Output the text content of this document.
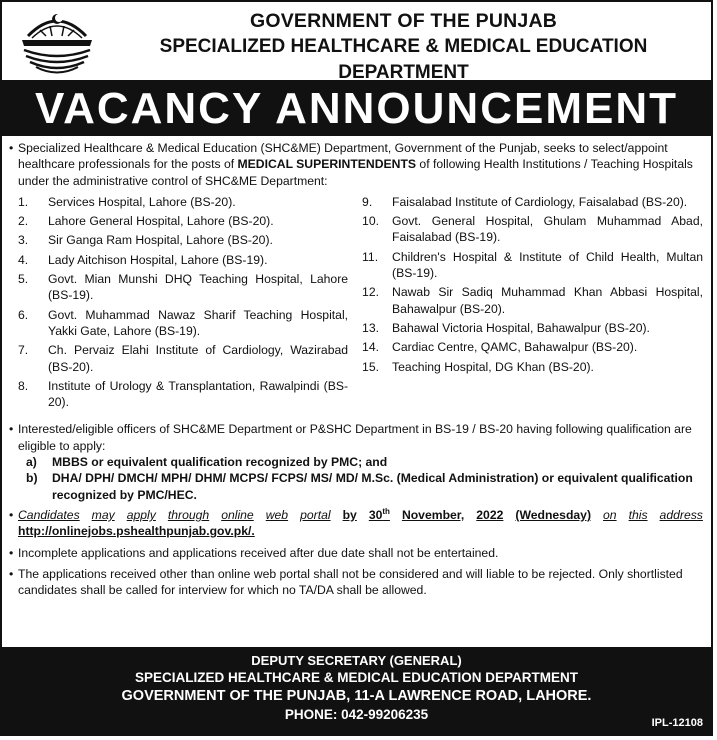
GOVERNMENT OF THE PUNJAB
SPECIALIZED HEALTHCARE & MEDICAL EDUCATION DEPARTMENT
VACANCY ANNOUNCEMENT

• Specialized Healthcare & Medical Education (SHC&ME) Department, Government of the Punjab, seeks to select/appoint healthcare professionals for the posts of MEDICAL SUPERINTENDENTS of following Health Institutions / Teaching Hospitals under the administrative control of SHC&ME Department:

1.	Services Hospital, Lahore (BS-20).
2.	Lahore General Hospital, Lahore (BS-20).
3.	Sir Ganga Ram Hospital, Lahore (BS-20).
4.	Lady Aitchison Hospital, Lahore (BS-19).
5.	Govt. Mian Munshi DHQ Teaching Hospital, Lahore (BS-19).
6.	Govt. Muhammad Nawaz Sharif Teaching Hospital, Yakki Gate, Lahore (BS-19).
7.	Ch. Pervaiz Elahi Institute of Cardiology, Wazirabad (BS-20).
8.	Institute of Urology & Transplantation, Rawalpindi (BS-20).
9.	Faisalabad Institute of Cardiology, Faisalabad (BS-20).
10.	Govt. General Hospital, Ghulam Muhammad Abad, Faisalabad (BS-19).
11.	Children's Hospital & Institute of Child Health, Multan (BS-19).
12.	Nawab Sir Sadiq Muhammad Khan Abbasi Hospital, Bahawalpur (BS-20).
13.	Bahawal Victoria Hospital, Bahawalpur (BS-20).
14.	Cardiac Centre, QAMC, Bahawalpur (BS-20).
15.	Teaching Hospital, DG Khan (BS-20).

• Interested/eligible officers of SHC&ME Department or P&SHC Department in BS-19 / BS-20 having following qualification are eligible to apply:

a)	MBBS or equivalent qualification recognized by PMC; and
b)	DHA/ DPH/ DMCH/ MPH/ DHM/ MCPS/ FCPS/ MS/ MD/ M.Sc. (Medical Administration) or equivalent qualification recognized by PMC/HEC.
• Candidates may apply through online web portal by 30th November, 2022 (Wednesday) on this address
http://onlinejobs.pshealthpunjab.gov.pk/.

• Incomplete applications and applications received after due date shall not be entertained.

• The applications received other than online web portal shall not be considered and will liable to be rejected. Only shortlisted candidates shall be called for interview for which no TA/DA shall be allowed.

DEPUTY SECRETARY (GENERAL)
SPECIALIZED HEALTHCARE & MEDICAL EDUCATION DEPARTMENT
GOVERNMENT OF THE PUNJAB, 11-A LAWRENCE ROAD, LAHORE.
PHONE: 042-99206235
IPL-12108
